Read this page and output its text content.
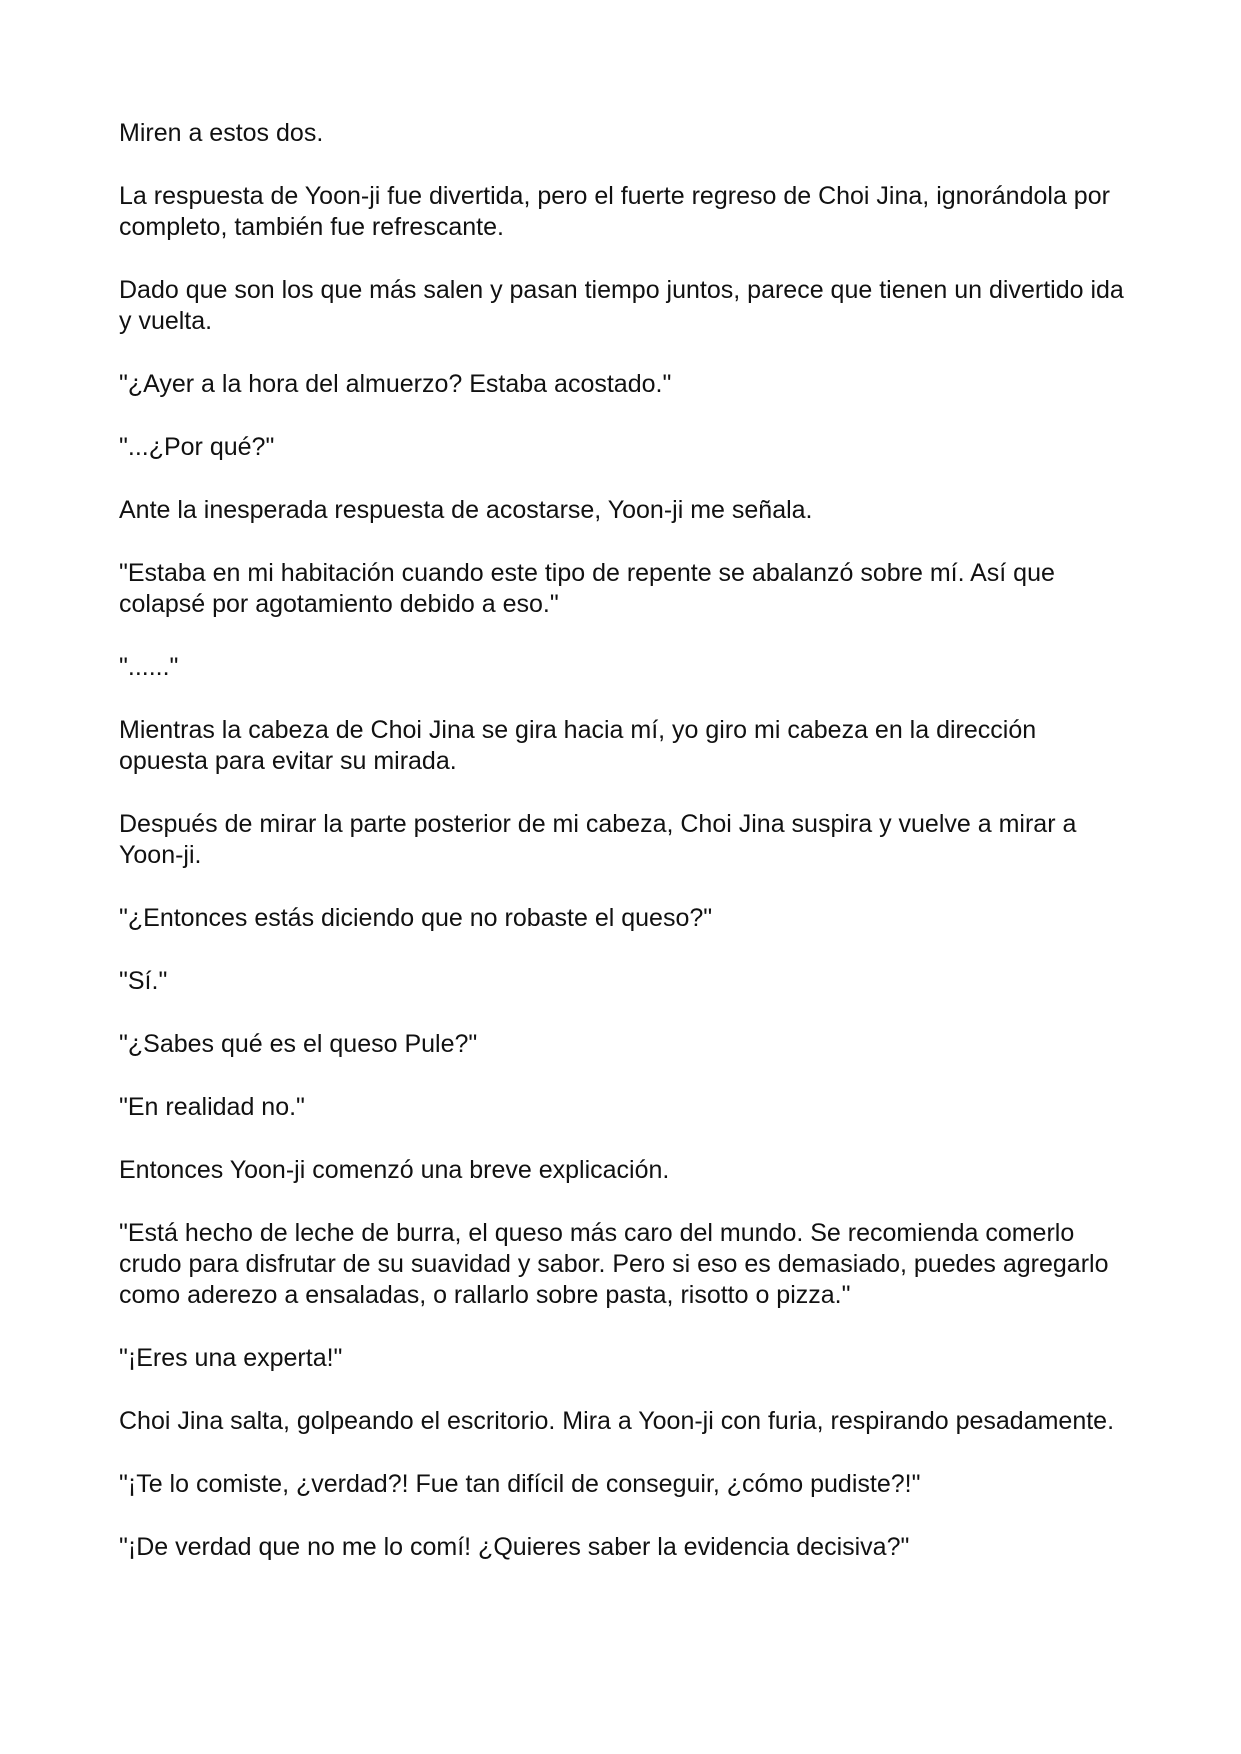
Miren a estos dos.

La respuesta de Yoon-ji fue divertida, pero el fuerte regreso de Choi Jina, ignorándola por completo, también fue refrescante.

Dado que son los que más salen y pasan tiempo juntos, parece que tienen un divertido ida y vuelta.

"¿Ayer a la hora del almuerzo? Estaba acostado."

"...¿Por qué?"

Ante la inesperada respuesta de acostarse, Yoon-ji me señala.

"Estaba en mi habitación cuando este tipo de repente se abalanzó sobre mí. Así que colapsé por agotamiento debido a eso."

"......"

Mientras la cabeza de Choi Jina se gira hacia mí, yo giro mi cabeza en la dirección opuesta para evitar su mirada.

Después de mirar la parte posterior de mi cabeza, Choi Jina suspira y vuelve a mirar a Yoon-ji.

"¿Entonces estás diciendo que no robaste el queso?"

"Sí."

"¿Sabes qué es el queso Pule?"

"En realidad no."

Entonces Yoon-ji comenzó una breve explicación.

"Está hecho de leche de burra, el queso más caro del mundo. Se recomienda comerlo crudo para disfrutar de su suavidad y sabor. Pero si eso es demasiado, puedes agregarlo como aderezo a ensaladas, o rallarlo sobre pasta, risotto o pizza."

"¡Eres una experta!"

Choi Jina salta, golpeando el escritorio. Mira a Yoon-ji con furia, respirando pesadamente.

"¡Te lo comiste, ¿verdad?! Fue tan difícil de conseguir, ¿cómo pudiste?!"

"¡De verdad que no me lo comí! ¿Quieres saber la evidencia decisiva?"
